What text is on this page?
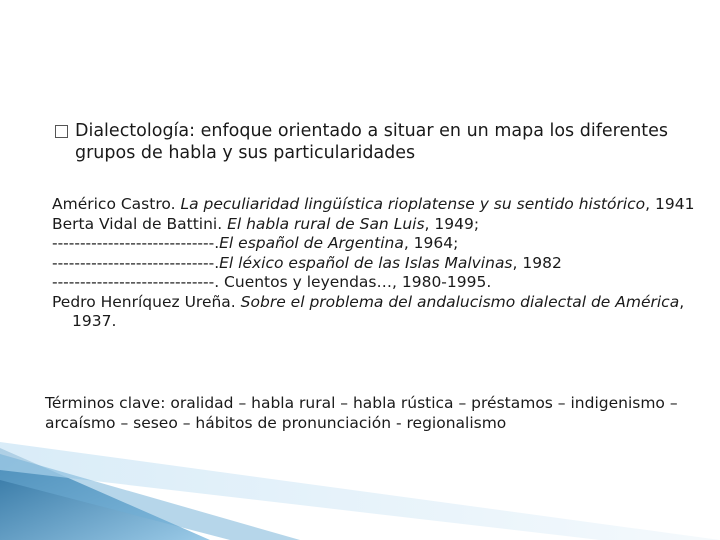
Dialectología: enfoque orientado a situar en un mapa los diferentes grupos de habla y sus particularidades
Américo Castro. La peculiaridad lingüística rioplatense y su sentido histórico, 1941
Berta Vidal de Battini. El habla rural de San Luis, 1949;
-----------------------------.El español de Argentina, 1964;
-----------------------------.El léxico español de las Islas Malvinas, 1982
-----------------------------. Cuentos y leyendas…, 1980-1995.
Pedro Henríquez Ureña. Sobre el problema del andalucismo dialectal de América, 1937.
Términos clave: oralidad – habla rural – habla rústica – préstamos – indigenismo – arcaísmo – seseo – hábitos de pronunciación - regionalismo
